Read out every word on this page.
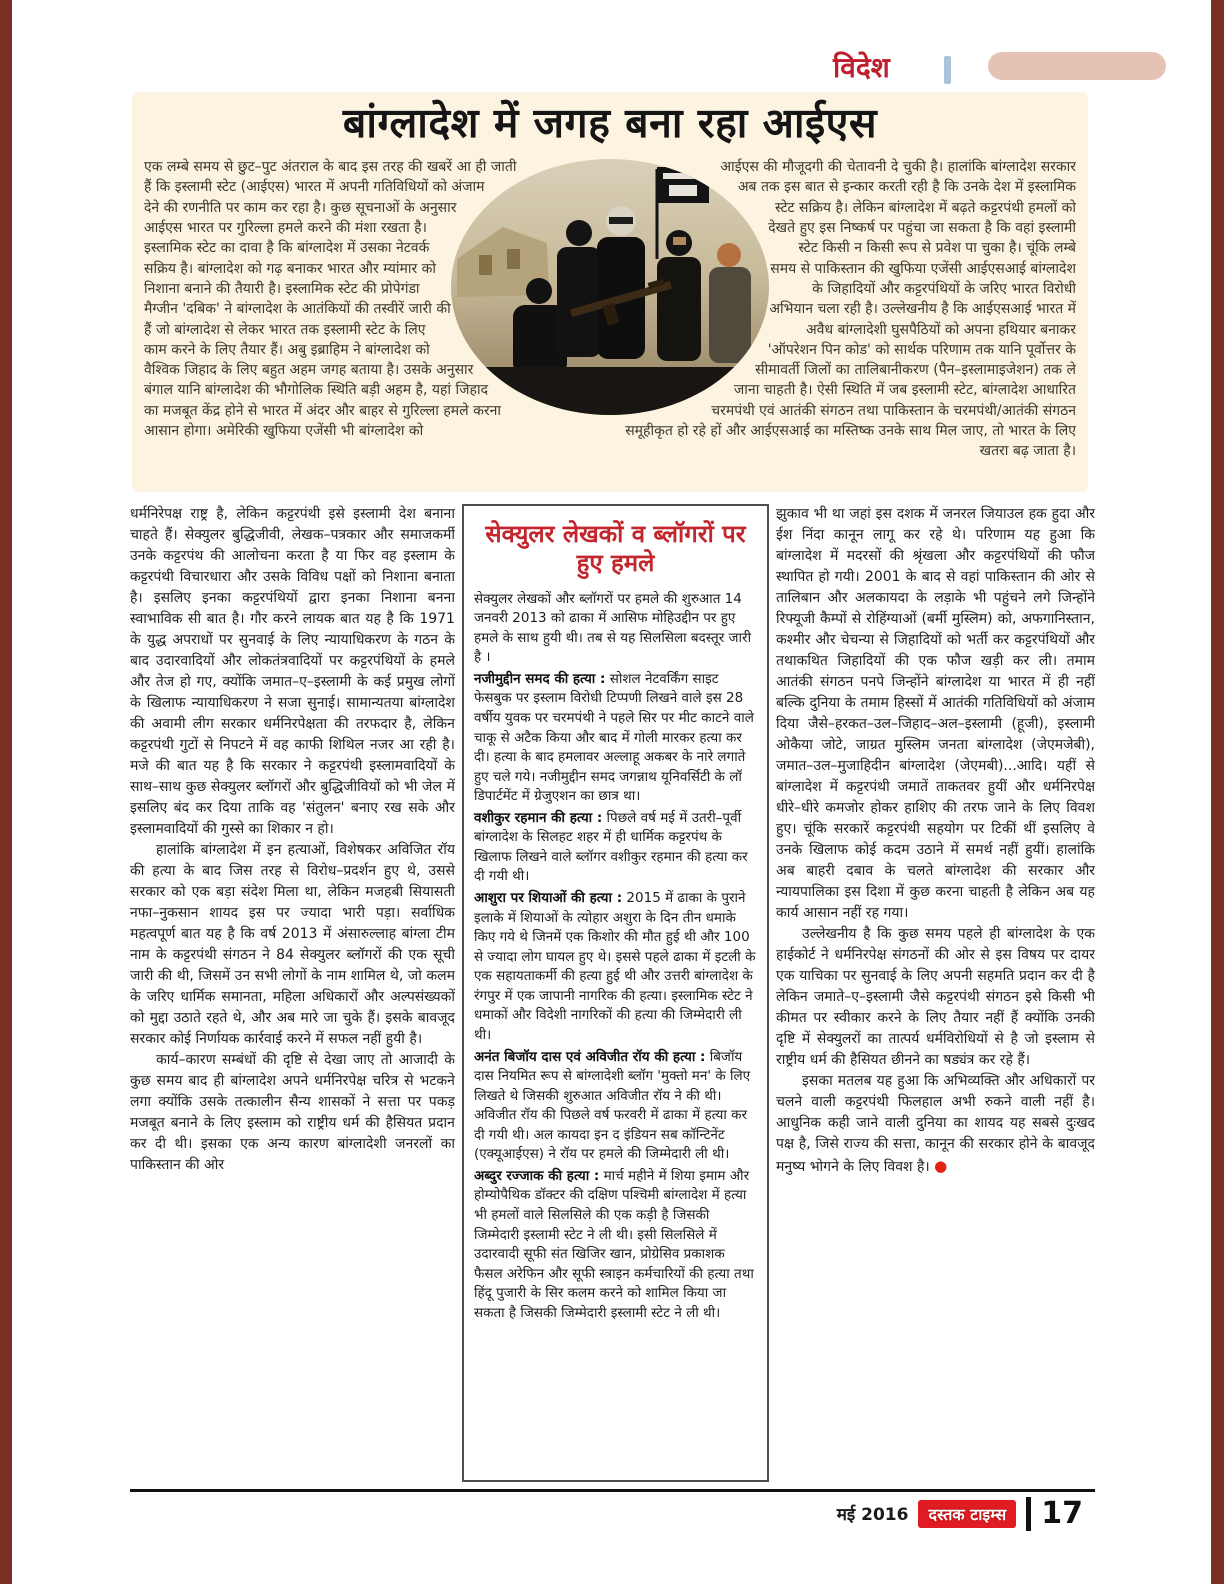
विदेश
बांग्लादेश में जगह बना रहा आईएस
एक लम्बे समय से छुट–पुट अंतराल के बाद इस तरह की खबरें आ ही जाती हैं कि इस्लामी स्टेट (आईएस) भारत में अपनी गतिविधियों को अंजाम देने की रणनीति पर काम कर रहा है। कुछ सूचनाओं के अनुसार आईएस भारत पर गुरिल्ला हमले करने की मंशा रखता है। इस्लामिक स्टेट का दावा है कि बांग्लादेश में उसका नेटवर्क सक्रिय है। बांग्लादेश को गढ़ बनाकर भारत और म्यांमार को निशाना बनाने की तैयारी है। इस्लामिक स्टेट की प्रोपेगंडा मैग्जीन 'दबिक' ने बांग्लादेश के आतंकियों की तस्वीरें जारी की हैं जो बांग्लादेश से लेकर भारत तक इस्लामी स्टेट के लिए काम करने के लिए तैयार हैं। अबु इब्राहिम ने बांग्लादेश को वैश्विक जिहाद के लिए बहुत अहम जगह बताया है। उसके अनुसार बंगाल यानि बांग्लादेश की भौगोलिक स्थिति बड़ी अहम है, यहां जिहाद का मजबूत केंद्र होने से भारत में अंदर और बाहर से गुरिल्ला हमले करना आसान होगा। अमेरिकी खुफिया एजेंसी भी बांग्लादेश को
आईएस की मौजूदगी की चेतावनी दे चुकी है। हालांकि बांग्लादेश सरकार अब तक इस बात से इन्कार करती रही है कि उनके देश में इस्लामिक स्टेट सक्रिय है। लेकिन बांग्लादेश में बढ़ते कट्टरपंथी हमलों को देखते हुए इस निष्कर्ष पर पहुंचा जा सकता है कि वहां इस्लामी स्टेट किसी न किसी रूप से प्रवेश पा चुका है। चूंकि लम्बे समय से पाकिस्तान की खुफिया एजेंसी आईएसआई बांग्लादेश के जिहादियों और कट्टरपंथियों के जरिए भारत विरोधी अभियान चला रही है। उल्लेखनीय है कि आईएसआई भारत में अवैध बांग्लादेशी घुसपैठियों को अपना हथियार बनाकर 'ऑपरेशन पिन कोड' को सार्थक परिणाम तक यानि पूर्वोत्तर के सीमावर्ती जिलों का तालिबानीकरण (पैन–इस्लामाइजेशन) तक ले जाना चाहती है। ऐसी स्थिति में जब इस्लामी स्टेट, बांग्लादेश आधारित चरमपंथी एवं आतंकी संगठन तथा पाकिस्तान के चरमपंथी/आतंकी संगठन समूहीकृत हो रहे हों और आईएसआई का मस्तिष्क उनके साथ मिल जाए, तो भारत के लिए खतरा बढ़ जाता है।

धर्मनिरेपक्ष राष्ट्र है, लेकिन कट्टरपंथी इसे इस्लामी देश बनाना चाहते हैं। सेक्युलर बुद्धिजीवी, लेखक–पत्रकार और समाजकर्मी उनके कट्टरपंथ की आलोचना करता है या फिर वह इस्लाम के कट्टरपंथी विचारधारा और उसके विविध पक्षों को निशाना बनाता है। इसलिए इनका कट्टरपंथियों द्वारा इनका निशाना बनना स्वाभाविक सी बात है। गौर करने लायक बात यह है कि 1971 के युद्ध अपराधों पर सुनवाई के लिए न्यायाधिकरण के गठन के बाद उदारवादियों और लोकतंत्रवादियों पर कट्टरपंथियों के हमले और तेज हो गए, क्योंकि जमात–ए–इस्लामी के कई प्रमुख लोगों के खिलाफ न्यायाधिकरण ने सजा सुनाई। सामान्यतया बांग्लादेश की अवामी लीग सरकार धर्मनिरपेक्षता की तरफदार है, लेकिन कट्टरपंथी गुटों से निपटने में वह काफी शिथिल नजर आ रही है। मजे की बात यह है कि सरकार ने कट्टरपंथी इस्लामवादियों के साथ–साथ कुछ सेक्युलर ब्लॉगरों और बुद्धिजीवियों को भी जेल में इसलिए बंद कर दिया ताकि वह 'संतुलन' बनाए रख सके और इस्लामवादियों की गुस्से का शिकार न हो।

हालांकि बांग्लादेश में इन हत्याओं, विशेषकर अविजित रॉय की हत्या के बाद जिस तरह से विरोध–प्रदर्शन हुए थे, उससे सरकार को एक बड़ा संदेश मिला था, लेकिन मजहबी सियासती नफा–नुकसान शायद इस पर ज्यादा भारी पड़ा। सर्वाधिक महत्वपूर्ण बात यह है कि वर्ष 2013 में अंसारुल्लाह बांग्ला टीम नाम के कट्टरपंथी संगठन ने 84 सेक्युलर ब्लॉगरों की एक सूची जारी की थी, जिसमें उन सभी लोगों के नाम शामिल थे, जो कलम के जरिए धार्मिक समानता, महिला अधिकारों और अल्पसंख्यकों को मुद्दा उठाते रहते थे, और अब मारे जा चुके हैं। इसके बावजूद सरकार कोई निर्णायक कार्रवाई करने में सफल नहीं हुयी है।

कार्य–कारण सम्बंधों की दृष्टि से देखा जाए तो आजादी के कुछ समय बाद ही बांग्लादेश अपने धर्मनिरपेक्ष चरित्र से भटकने लगा क्योंकि उसके तत्कालीन सैन्य शासकों ने सत्ता पर पकड़ मजबूत बनाने के लिए इस्लाम को राष्ट्रीय धर्म की हैसियत प्रदान कर दी थी। इसका एक अन्य कारण बांग्लादेशी जनरलों का पाकिस्तान की ओर

सेक्युलर लेखकों व ब्लॉगरों पर हुए हमले

सेक्युलर लेखकों और ब्लॉगरों पर हमले की शुरुआत 14 जनवरी 2013 को ढाका में आसिफ मोहिउद्दीन पर हुए हमले के साथ हुयी थी। तब से यह सिलसिला बदस्तूर जारी है ।

नजीमुद्दीन समद की हत्या : सोशल नेटवर्किंग साइट फेसबुक पर इस्लाम विरोधी टिप्पणी लिखने वाले इस 28 वर्षीय युवक पर चरमपंथी ने पहले सिर पर मीट काटने वाले चाकू से अटैक किया और बाद में गोली मारकर हत्या कर दी। हत्या के बाद हमलावर अल्लाहू अकबर के नारे लगाते हुए चले गये। नजीमुद्दीन समद जगन्नाथ यूनिवर्सिटी के लॉ डिपार्टमेंट में ग्रेजुएशन का छात्र था।

वशीकुर रहमान की हत्या : पिछले वर्ष मई में उतरी–पूर्वी बांग्लादेश के सिलहट शहर में ही धार्मिक कट्टरपंथ के खिलाफ लिखने वाले ब्लॉगर वशीकुर रहमान की हत्या कर दी गयी थी।

आशुरा पर शियाओं की हत्या : 2015 में ढाका के पुराने इलाके में शियाओं के त्योहार अशुरा के दिन तीन धमाके किए गये थे जिनमें एक किशोर की मौत हुई थी और 100 से ज्यादा लोग घायल हुए थे। इससे पहले ढाका में इटली के एक सहायताकर्मी की हत्या हुई थी और उत्तरी बांग्लादेश के रंगपुर में एक जापानी नागरिक की हत्या। इस्लामिक स्टेट ने धमाकों और विदेशी नागरिकों की हत्या की जिम्मेदारी ली थी।

अनंत बिजॉय दास एवं अविजीत रॉय की हत्या : बिजॉय दास नियमित रूप से बांग्लादेशी ब्लॉग 'मुक्तो मन' के लिए लिखते थे जिसकी शुरुआत अविजीत रॉय ने की थी। अविजीत रॉय की पिछले वर्ष फरवरी में ढाका में हत्या कर दी गयी थी। अल कायदा इन द इंडियन सब कॉन्टिनेंट (एक्यूआईएस) ने रॉय पर हमले की जिम्मेदारी ली थी।

अब्दुर रज्जाक की हत्या : मार्च महीने में शिया इमाम और होम्योपैथिक डॉक्टर की दक्षिण पश्चिमी बांग्लादेश में हत्या भी हमलों वाले सिलसिले की एक कड़ी है जिसकी जिम्मेदारी इस्लामी स्टेट ने ली थी। इसी सिलसिले में उदारवादी सूफी संत खिजिर खान, प्रोग्रेसिव प्रकाशक फैसल अरेफिन और सूफी स्त्राइन कर्मचारियों की हत्या तथा हिंदू पुजारी के सिर कलम करने को शामिल किया जा सकता है जिसकी जिम्मेदारी इस्लामी स्टेट ने ली थी।

झुकाव भी था जहां इस दशक में जनरल जियाउल हक हुदा और ईश निंदा कानून लागू कर रहे थे। परिणाम यह हुआ कि बांग्लादेश में मदरसों की श्रृंखला और कट्टरपंथियों की फौज स्थापित हो गयी। 2001 के बाद से वहां पाकिस्तान की ओर से तालिबान और अलकायदा के लड़ाके भी पहुंचने लगे जिन्होंने रिफ्यूजी कैम्पों से रोहिंग्याओं (बर्मी मुस्लिम) को, अफगानिस्तान, कश्मीर और चेचन्या से जिहादियों को भर्ती कर कट्टरपंथियों और तथाकथित जिहादियों की एक फौज खड़ी कर ली। तमाम आतंकी संगठन पनपे जिन्होंने बांग्लादेश या भारत में ही नहीं बल्कि दुनिया के तमाम हिस्सों में आतंकी गतिविधियों को अंजाम दिया जैसे–हरकत–उल–जिहाद–अल–इस्लामी (हूजी), इस्लामी ओकैया जोटे, जाग्रत मुस्लिम जनता बांग्लादेश (जेएमजेबी), जमात–उल–मुजाहिदीन बांग्लादेश (जेएमबी)...आदि। यहीं से बांग्लादेश में कट्टरपंथी जमातें ताकतवर हुयीं और धर्मनिरपेक्ष धीरे–धीरे कमजोर होकर हाशिए की तरफ जाने के लिए विवश हुए। चूंकि सरकारें कट्टरपंथी सहयोग पर टिकीं थीं इसलिए वे उनके खिलाफ कोई कदम उठाने में समर्थ नहीं हुयीं। हालांकि अब बाहरी दबाव के चलते बांग्लादेश की सरकार और न्यायपालिका इस दिशा में कुछ करना चाहती है लेकिन अब यह कार्य आसान नहीं रह गया।

उल्लेखनीय है कि कुछ समय पहले ही बांग्लादेश के एक हाईकोर्ट ने धर्मनिरपेक्ष संगठनों की ओर से इस विषय पर दायर एक याचिका पर सुनवाई के लिए अपनी सहमति प्रदान कर दी है लेकिन जमाते–ए–इस्लामी जैसे कट्टरपंथी संगठन इसे किसी भी कीमत पर स्वीकार करने के लिए तैयार नहीं हैं क्योंकि उनकी दृष्टि में सेक्युलरों का तात्पर्य धर्मविरोधियों से है जो इस्लाम से राष्ट्रीय धर्म की हैसियत छीनने का षड्यंत्र कर रहे हैं।

इसका मतलब यह हुआ कि अभिव्यक्ति और अधिकारों पर चलने वाली कट्टरपंथी फिलहाल अभी रुकने वाली नहीं है। आधुनिक कही जाने वाली दुनिया का शायद यह सबसे दुःखद पक्ष है, जिसे राज्य की सत्ता, कानून की सरकार होने के बावजूद मनुष्य भोगने के लिए विवश है। ●

मई 2016	दस्तक टाइम्स	17
